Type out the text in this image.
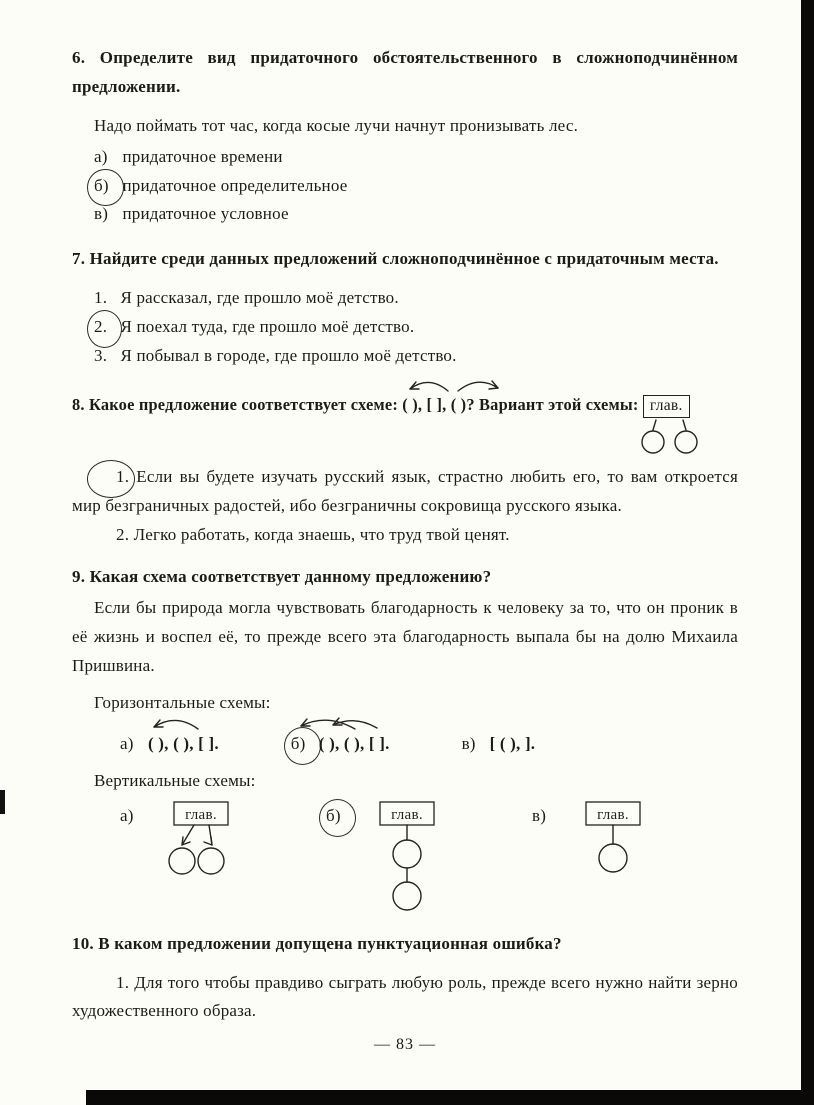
6. Определите вид придаточного обстоятельственного в сложноподчинённом предложении.

Надо поймать тот час, когда косые лучи начнут пронизывать лес.

а) придаточное времени
б) придаточное определительное
в) придаточное условное

7. Найдите среди данных предложений сложноподчинённое с придаточным места.

1. Я рассказал, где прошло моё детство.
2. Я поехал туда, где прошло моё детство.
3. Я побывал в городе, где прошло моё детство.

8. Какое предложение соответствует схеме: ( ), [ ], ( )? Вариант этой схемы: глав.

1. Если вы будете изучать русский язык, страстно любить его, то вам откроется мир безграничных радостей, ибо безграничны сокровища русского языка.

2. Легко работать, когда знаешь, что труд твой ценят.

9. Какая схема соответствует данному предложению?

Если бы природа могла чувствовать благодарность к человеку за то, что он проник в её жизнь и воспел её, то прежде всего эта благодарность выпала бы на долю Михаила Пришвина.

Горизонтальные схемы:

а) ( ), ( ), [ ].	б) ( ), ( ), [ ].	в) [ ( ), ].

Вертикальные схемы:

а)	глав.	б)	глав.	в)	глав.

10. В каком предложении допущена пунктуационная ошибка?

1. Для того чтобы правдиво сыграть любую роль, прежде всего нужно найти зерно художественного образа.

— 83 —
